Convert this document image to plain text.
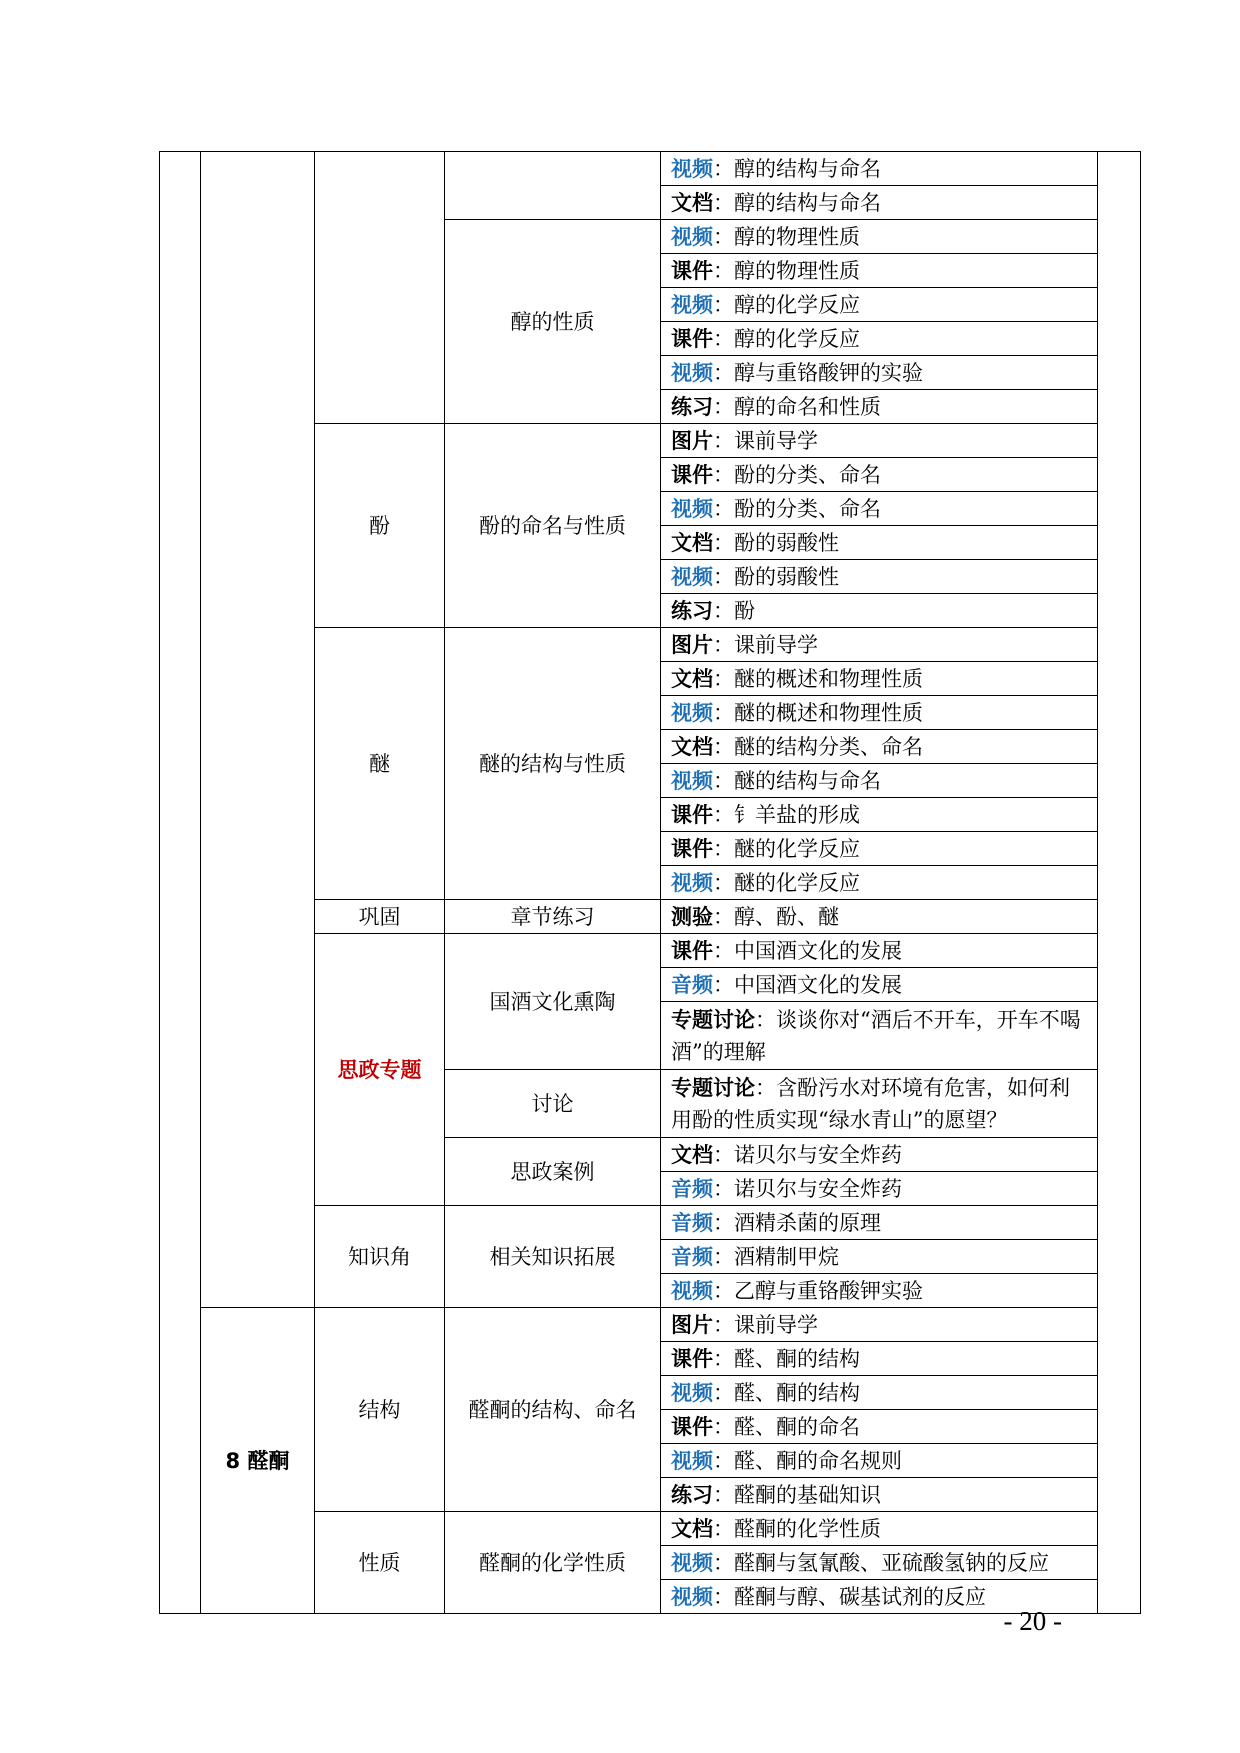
				视频：醇的结构与命名	
				文档：醇的结构与命名	
			醇的性质	视频：醇的物理性质	
				课件：醇的物理性质	
				视频：醇的化学反应	
				课件：醇的化学反应	
				视频：醇与重铬酸钾的实验	
				练习：醇的命名和性质	
		酚	酚的命名与性质	图片：课前导学	
				课件：酚的分类、命名	
				视频：酚的分类、命名	
				文档：酚的弱酸性	
				视频：酚的弱酸性	
				练习：酚	
		醚	醚的结构与性质	图片：课前导学	
				文档：醚的概述和物理性质	
				视频：醚的概述和物理性质	
				文档：醚的结构分类、命名	
				视频：醚的结构与命名	
				课件：钅羊盐的形成	
				课件：醚的化学反应	
				视频：醚的化学反应	
		巩固	章节练习	测验：醇、酚、醚	
		思政专题	国酒文化熏陶	课件：中国酒文化的发展	
				音频：中国酒文化的发展	
				专题讨论：谈谈你对“酒后不开车，开车不喝酒”的理解	
			讨论	专题讨论：含酚污水对环境有危害，如何利用酚的性质实现“绿水青山”的愿望？	
			思政案例	文档：诺贝尔与安全炸药	
				音频：诺贝尔与安全炸药	
		知识角	相关知识拓展	音频：酒精杀菌的原理	
				音频：酒精制甲烷	
				视频：乙醇与重铬酸钾实验	
	8 醛酮	结构	醛酮的结构、命名	图片：课前导学	
				课件：醛、酮的结构	
				视频：醛、酮的结构	
				课件：醛、酮的命名	
				视频：醛、酮的命名规则	
				练习：醛酮的基础知识	
		性质	醛酮的化学性质	文档：醛酮的化学性质	
				视频：醛酮与氢氰酸、亚硫酸氢钠的反应	
				视频：醛酮与醇、碳基试剂的反应	
- 20 -
